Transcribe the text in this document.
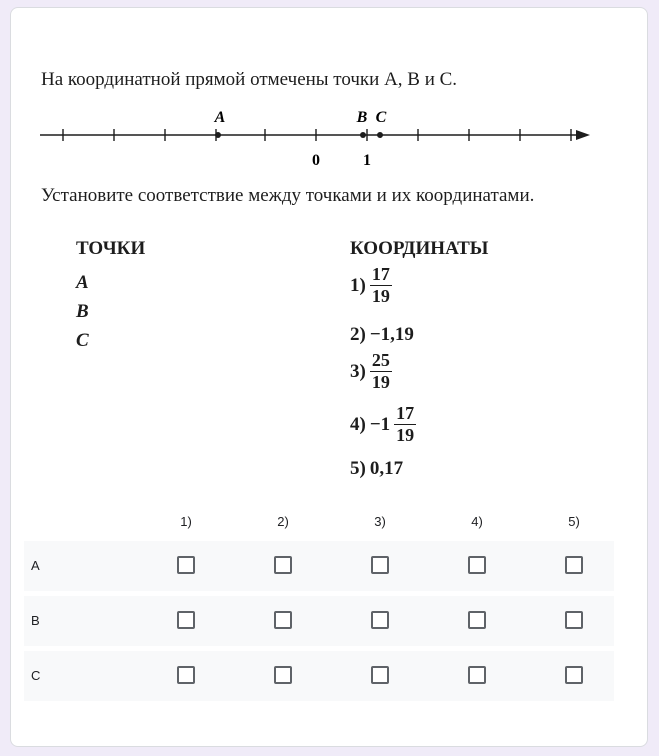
На координатной прямой отмечены точки A, B и C.
A	B C
0	1
Установите соответствие между точками и их координатами.
ТОЧКИ	КООРДИНАТЫ
A
B
C
$1) \frac{17}{19}$
2) −1,19
$3) \frac{25}{19}$
$4) -1 \frac{17}{19}$
5) 0,17
1)	2)	3)	4)	5)
A
B
C
